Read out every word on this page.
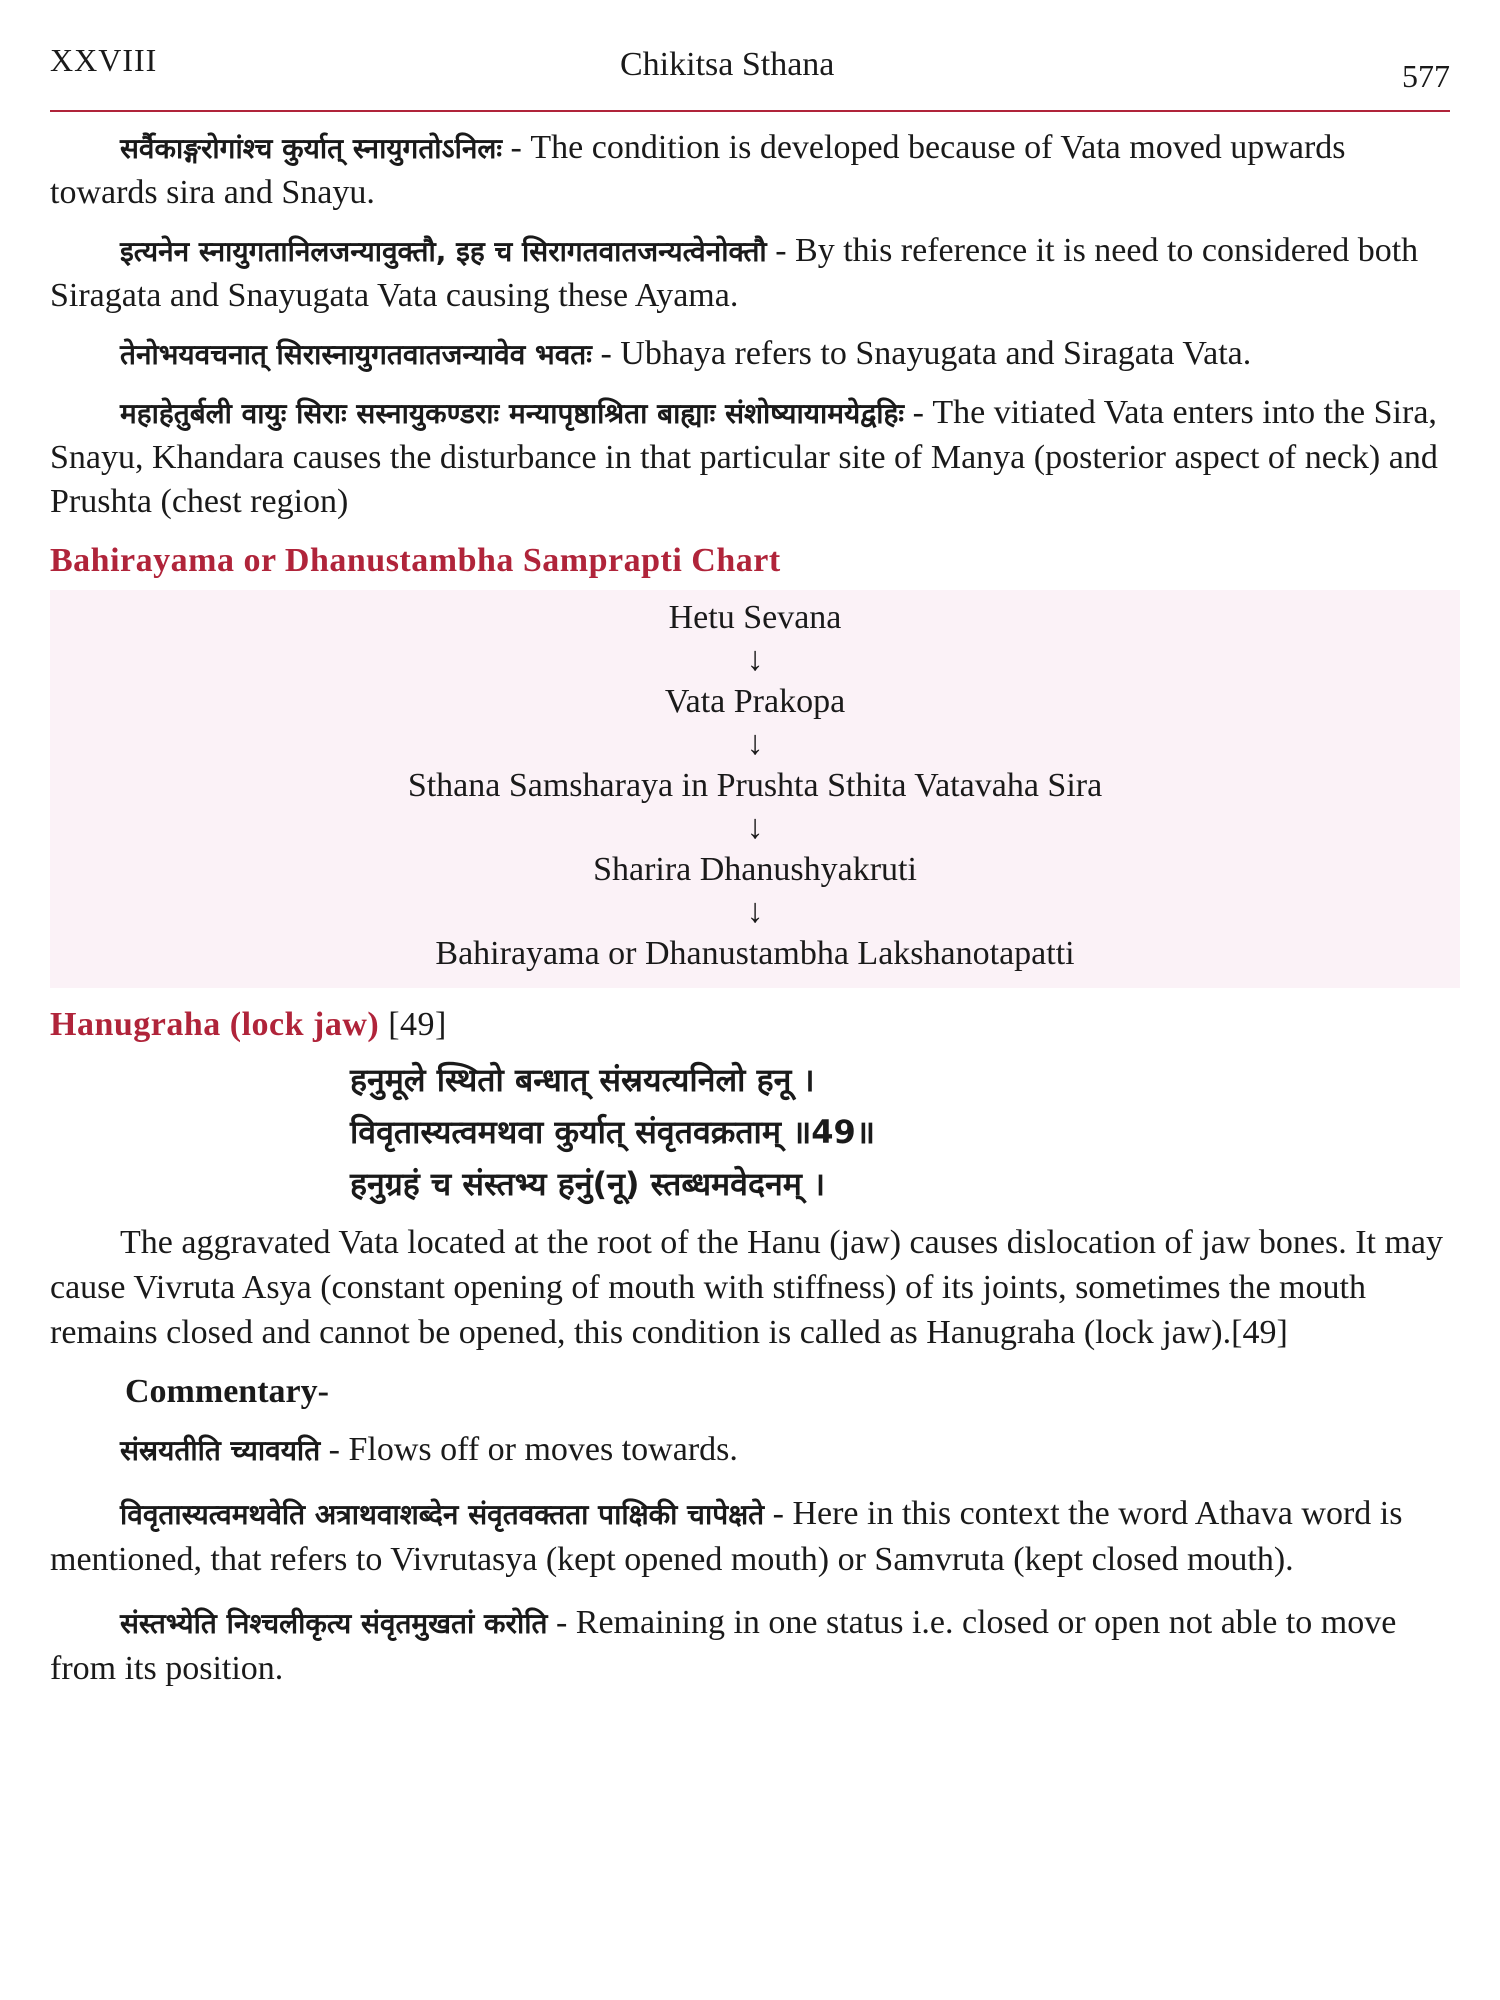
XXVIII	Chikitsa Sthana	577

सर्वैकाङ्गरोगांश्च कुर्यात् स्नायुगतोऽनिलः - The condition is developed because of Vata moved upwards towards sira and Snayu.

इत्यनेन स्नायुगतानिलजन्यावुक्तौ, इह च सिरागतवातजन्यत्वेनोक्तौ - By this reference it is need to considered both Siragata and Snayugata Vata causing these Ayama.

तेनोभयवचनात् सिरास्नायुगतवातजन्यावेव भवतः - Ubhaya refers to Snayugata and Siragata Vata.

महाहेतुर्बली वायुः सिराः सस्नायुकण्डराः मन्यापृष्ठाश्रिता बाह्याः संशोष्यायामयेद्वहिः - The vitiated Vata enters into the Sira, Snayu, Khandara causes the disturbance in that particular site of Manya (posterior aspect of neck) and Prushta (chest region)

Bahirayama or Dhanustambha Samprapti Chart
Hetu Sevana
↓
Vata Prakopa
↓
Sthana Samsharaya in Prushta Sthita Vatavaha Sira
↓
Sharira Dhanushyakruti
↓
Bahirayama or Dhanustambha Lakshanotapatti
Hanugraha (lock jaw) [49]
हनुमूले स्थितो बन्धात् संस्रयत्यनिलो हनू ।
विवृतास्यत्वमथवा कुर्यात् संवृतवक्रताम् ॥49॥
हनुग्रहं च संस्तभ्य हनुं(नू) स्तब्धमवेदनम् ।

The aggravated Vata located at the root of the Hanu (jaw) causes dislocation of jaw bones. It may cause Vivruta Asya (constant opening of mouth with stiffness) of its joints, sometimes the mouth remains closed and cannot be opened, this condition is called as Hanugraha (lock jaw).[49]

Commentary-

संस्रयतीति च्यावयति - Flows off or moves towards.

विवृतास्यत्वमथवेति अत्राथवाशब्देन संवृतवक्तता पाक्षिकी चापेक्षते - Here in this context the word Athava word is mentioned, that refers to Vivrutasya (kept opened mouth) or Samvruta (kept closed mouth).

संस्तभ्येति निश्चलीकृत्य संवृतमुखतां करोति - Remaining in one status i.e. closed or open not able to move from its position.
